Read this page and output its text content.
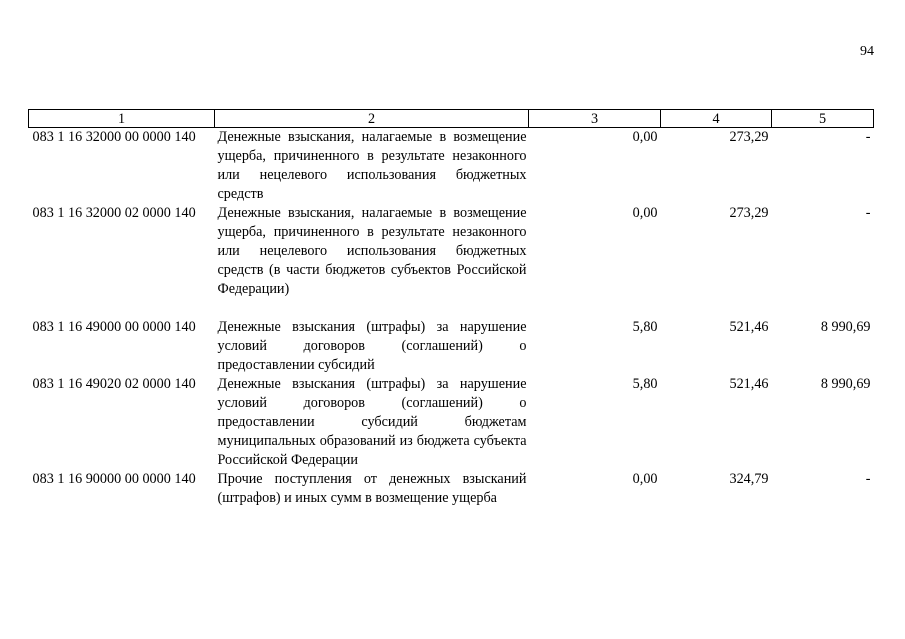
94
1	2	3	4	5
083 1 16 32000 00 0000 140	Денежные взыскания, налагаемые в возмещение ущерба, причиненного в результате незаконного или нецелевого использования бюджетных средств	0,00	273,29	-
083 1 16 32000 02 0000 140	Денежные взыскания, налагаемые в возмещение ущерба, причиненного в результате незаконного или нецелевого использования бюджетных средств (в части бюджетов субъектов Российской Федерации)	0,00	273,29	-

083 1 16 49000 00 0000 140	Денежные взыскания (штрафы) за нарушение условий договоров (соглашений) о предоставлении субсидий	5,80	521,46	8 990,69
083 1 16 49020 02 0000 140	Денежные взыскания (штрафы) за нарушение условий договоров (соглашений) о предоставлении субсидий бюджетам муниципальных образований из бюджета субъекта Российской Федерации	5,80	521,46	8 990,69
083 1 16 90000 00 0000 140	Прочие поступления от денежных взысканий (штрафов) и иных сумм в возмещение ущерба	0,00	324,79	-
